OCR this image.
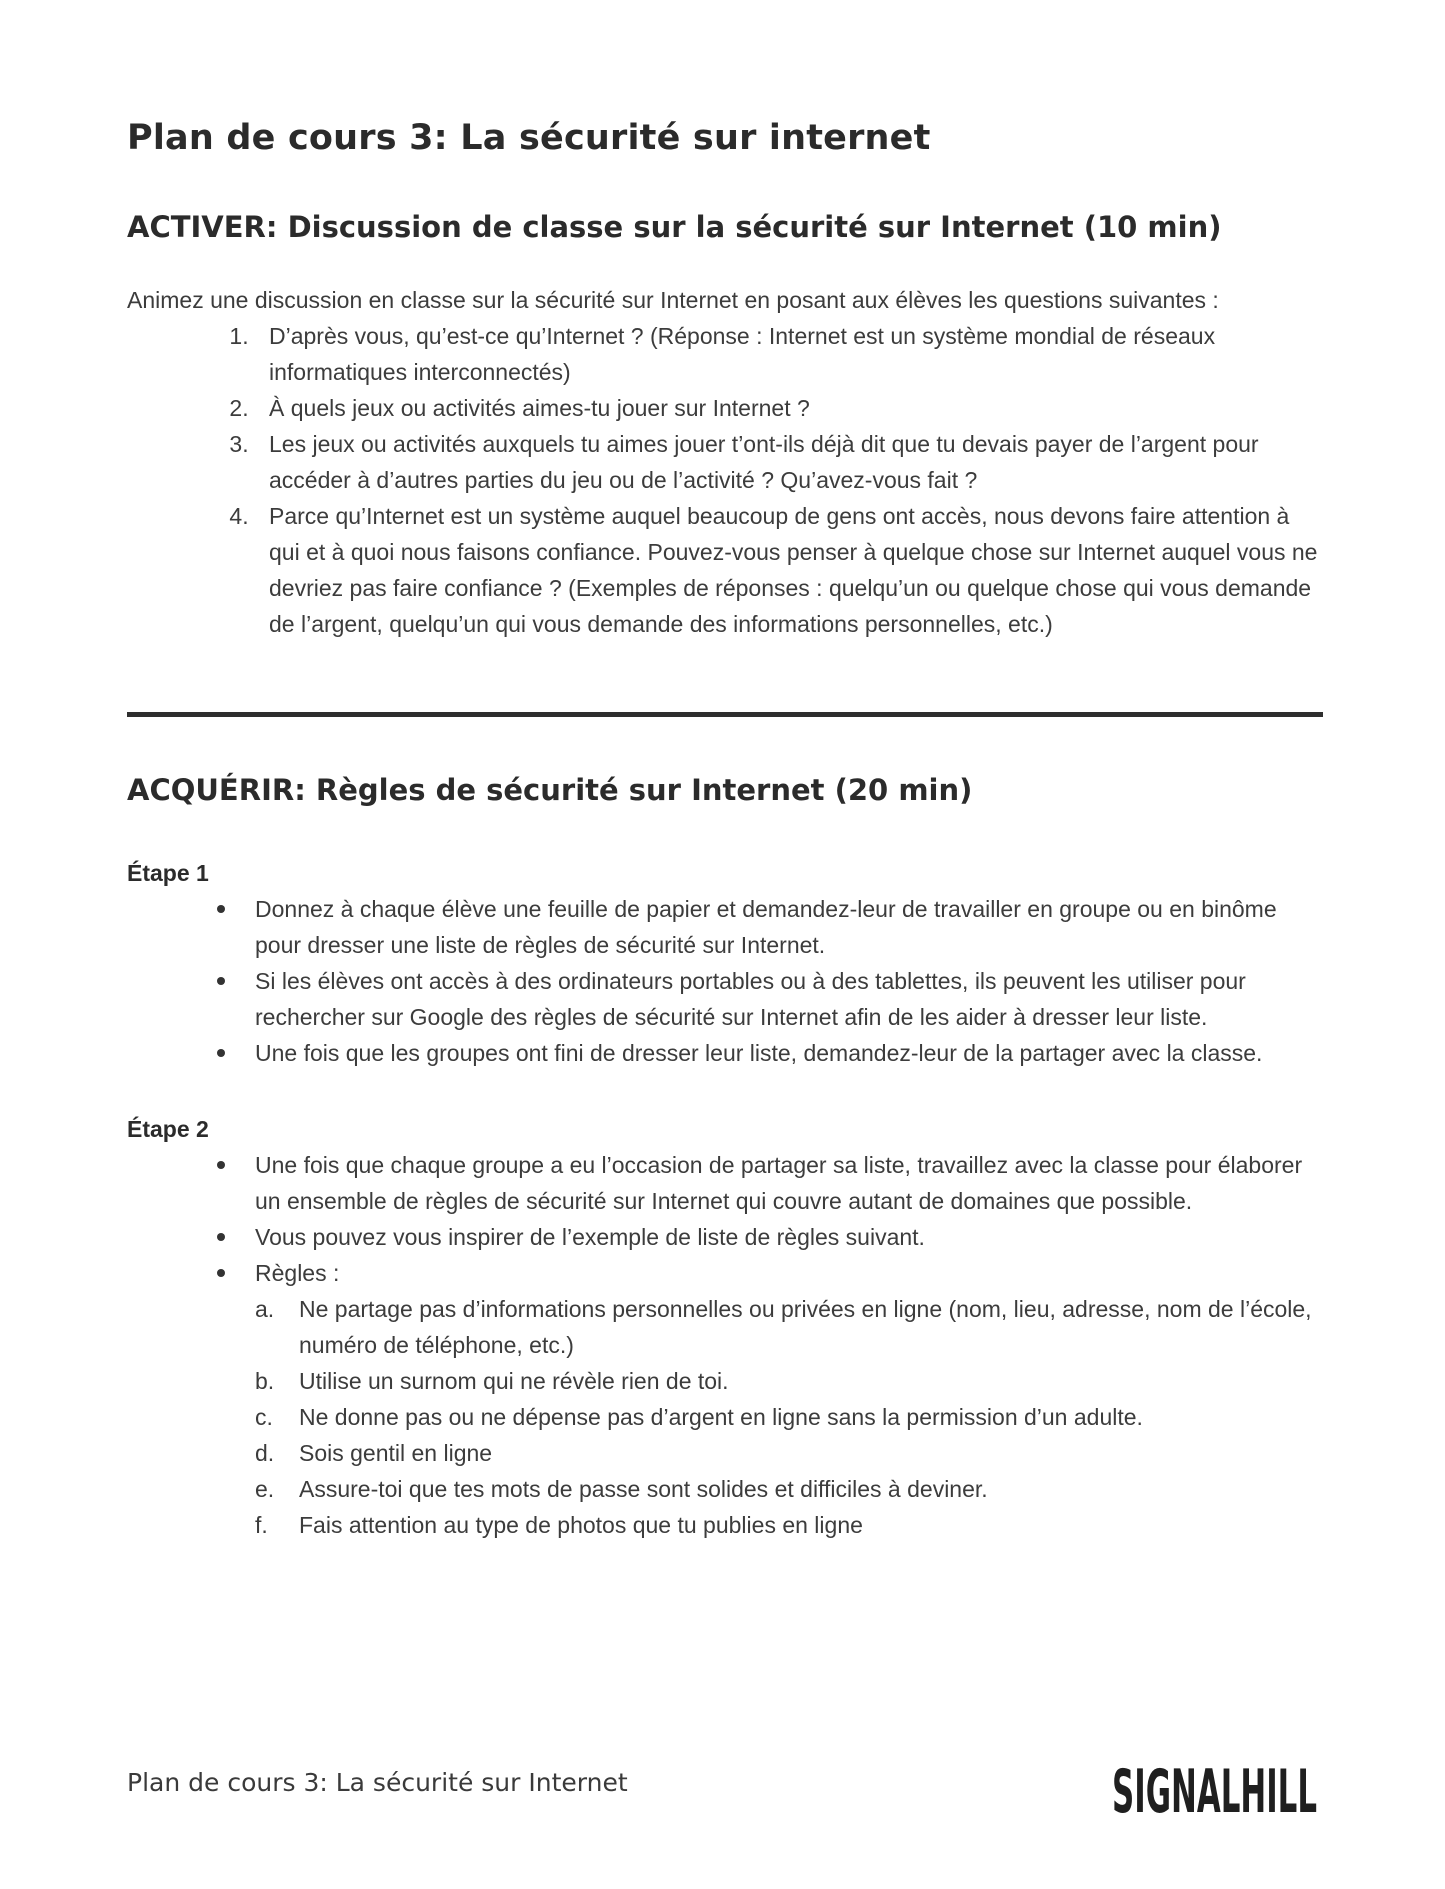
Plan de cours 3: La sécurité sur internet
ACTIVER: Discussion de classe sur la sécurité sur Internet (10 min)

Animez une discussion en classe sur la sécurité sur Internet en posant aux élèves les questions suivantes :

1. D’après vous, qu’est-ce qu’Internet ? (Réponse : Internet est un système mondial de réseaux informatiques interconnectés)
2. À quels jeux ou activités aimes-tu jouer sur Internet ?
3. Les jeux ou activités auxquels tu aimes jouer t’ont-ils déjà dit que tu devais payer de l’argent pour accéder à d’autres parties du jeu ou de l’activité ? Qu’avez-vous fait ?
4. Parce qu’Internet est un système auquel beaucoup de gens ont accès, nous devons faire attention à qui et à quoi nous faisons confiance. Pouvez-vous penser à quelque chose sur Internet auquel vous ne devriez pas faire confiance ? (Exemples de réponses : quelqu’un ou quelque chose qui vous demande de l’argent, quelqu’un qui vous demande des informations personnelles, etc.)
ACQUÉRIR: Règles de sécurité sur Internet (20 min)

Étape 1

Donnez à chaque élève une feuille de papier et demandez-leur de travailler en groupe ou en binôme pour dresser une liste de règles de sécurité sur Internet.
Si les élèves ont accès à des ordinateurs portables ou à des tablettes, ils peuvent les utiliser pour rechercher sur Google des règles de sécurité sur Internet afin de les aider à dresser leur liste.
Une fois que les groupes ont fini de dresser leur liste, demandez-leur de la partager avec la classe.

Étape 2

Une fois que chaque groupe a eu l’occasion de partager sa liste, travaillez avec la classe pour élaborer un ensemble de règles de sécurité sur Internet qui couvre autant de domaines que possible.
Vous pouvez vous inspirer de l’exemple de liste de règles suivant.
Règles :
a. Ne partage pas d’informations personnelles ou privées en ligne (nom, lieu, adresse, nom de l’école, numéro de téléphone, etc.)
b. Utilise un surnom qui ne révèle rien de toi.
c. Ne donne pas ou ne dépense pas d’argent en ligne sans la permission d’un adulte.
d. Sois gentil en ligne
e. Assure-toi que tes mots de passe sont solides et difficiles à deviner.
f. Fais attention au type de photos que tu publies en ligne
Plan de cours 3: La sécurité sur Internet	SIGNALHILL
